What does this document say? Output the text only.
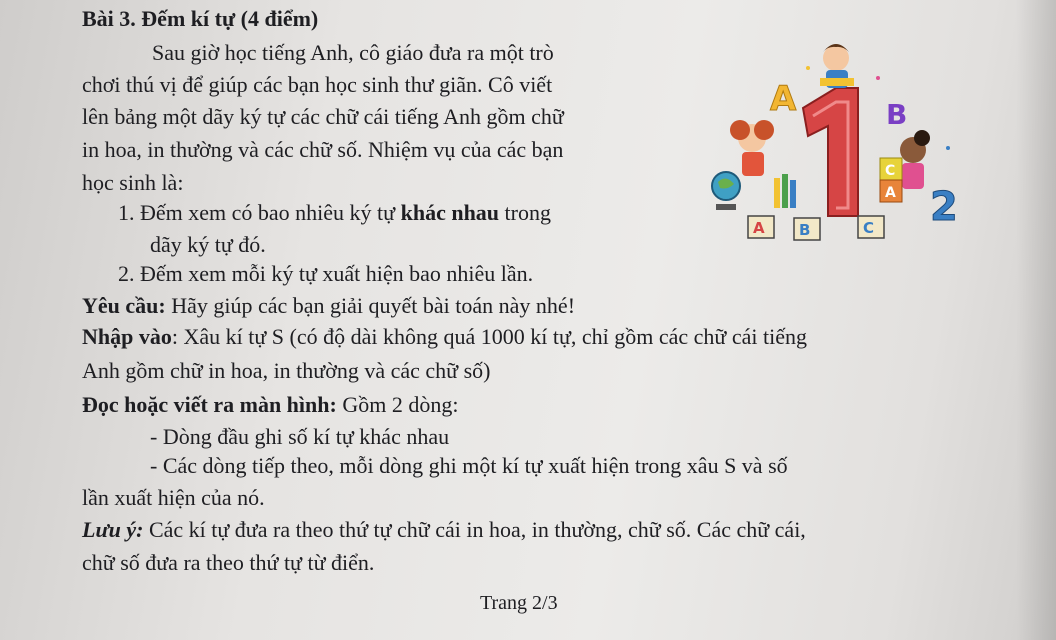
Bài 3. Đếm kí tự (4 điểm)
Sau giờ học tiếng Anh, cô giáo đưa ra một trò
chơi thú vị để giúp các bạn học sinh thư giãn. Cô viết
lên bảng một dãy ký tự các chữ cái tiếng Anh gồm chữ
in hoa, in thường và các chữ số. Nhiệm vụ của các bạn
học sinh là:
1. Đếm xem có bao nhiêu ký tự khác nhau trong
dãy ký tự đó.
2. Đếm xem mỗi ký tự xuất hiện bao nhiêu lần.
Yêu cầu: Hãy giúp các bạn giải quyết bài toán này nhé!
Nhập vào: Xâu kí tự S (có độ dài không quá 1000 kí tự, chỉ gồm các chữ cái tiếng
Anh gồm chữ in hoa, in thường và các chữ số)
Đọc hoặc viết ra màn hình: Gồm 2 dòng:
- Dòng đầu ghi số kí tự khác nhau
- Các dòng tiếp theo, mỗi dòng ghi một kí tự xuất hiện trong xâu S và số
lần xuất hiện của nó.
Lưu ý: Các kí tự đưa ra theo thứ tự chữ cái in hoa, in thường, chữ số. Các chữ cái,
chữ số đưa ra theo thứ tự từ điển.
Trang 2/3
A	B
C
A 2
A B	C
